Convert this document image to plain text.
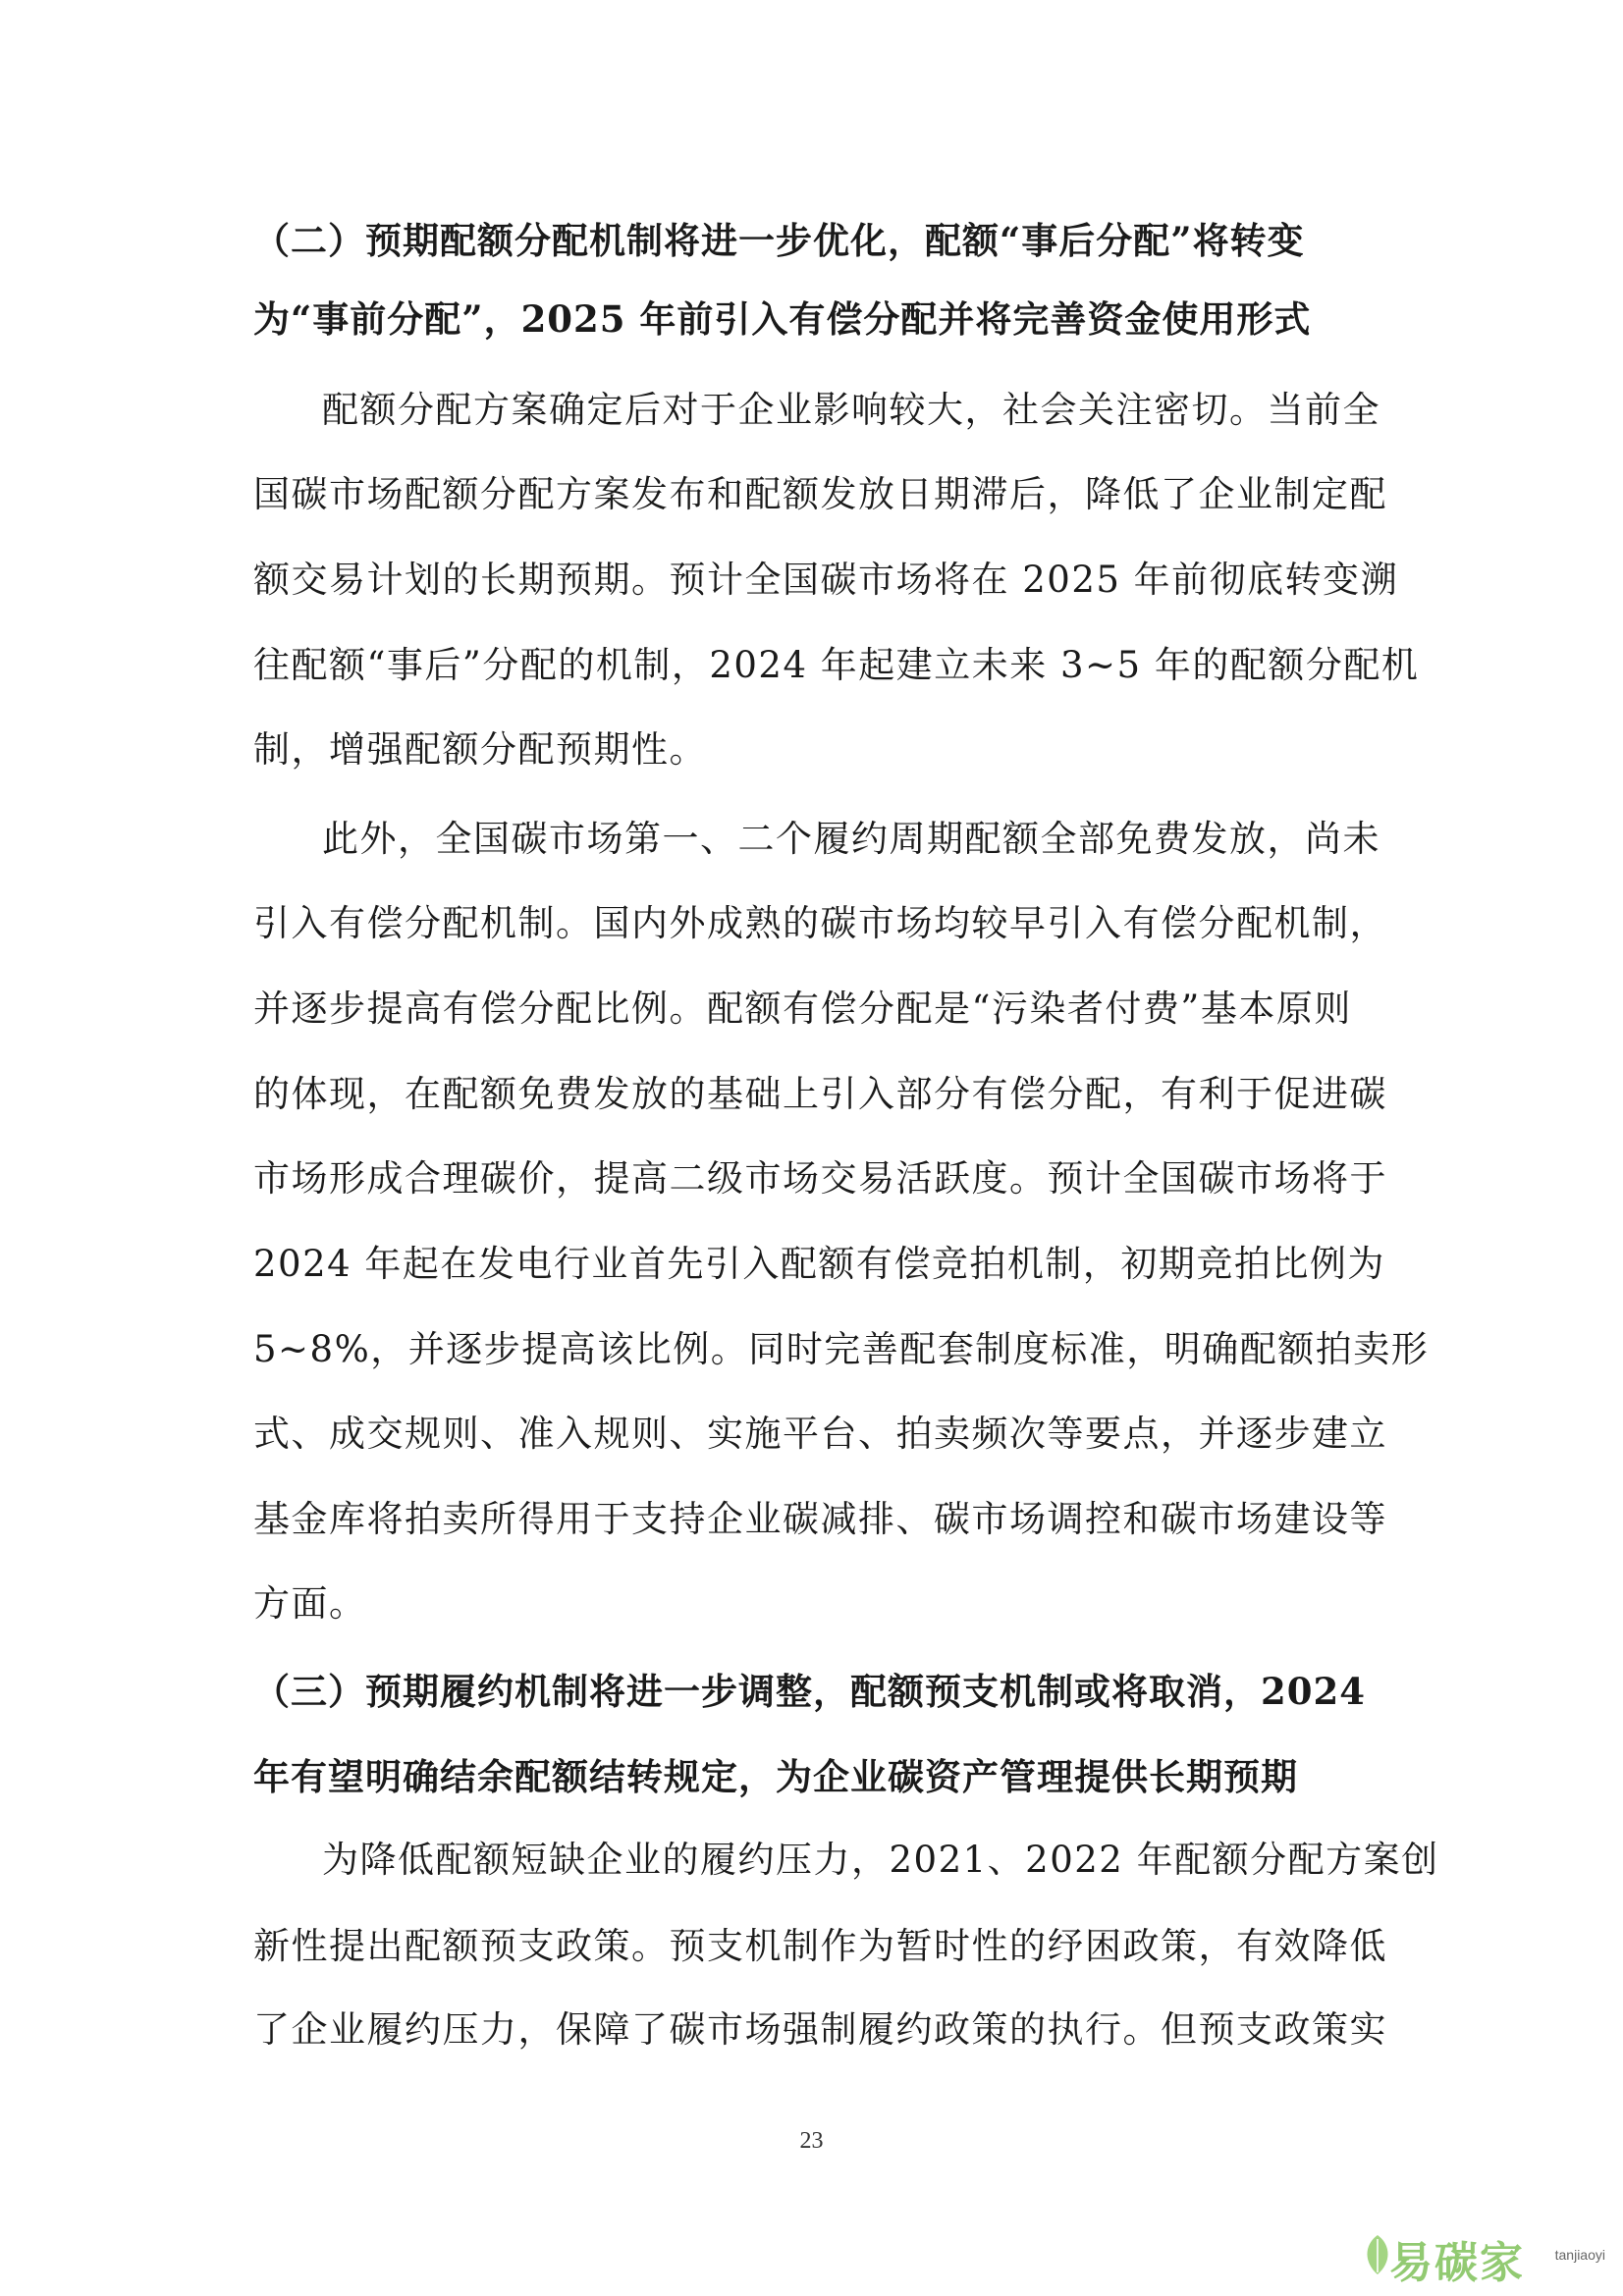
（二）预期配额分配机制将进一步优化，配额“事后分配”将转变
为“事前分配”，2025 年前引入有偿分配并将完善资金使用形式
配额分配方案确定后对于企业影响较大，社会关注密切。当前全
国碳市场配额分配方案发布和配额发放日期滞后，降低了企业制定配
额交易计划的长期预期。预计全国碳市场将在 2025 年前彻底转变溯
往配额“事后”分配的机制，2024 年起建立未来 3~5 年的配额分配机
制，增强配额分配预期性。
此外，全国碳市场第一、二个履约周期配额全部免费发放，尚未
引入有偿分配机制。国内外成熟的碳市场均较早引入有偿分配机制，
并逐步提高有偿分配比例。配额有偿分配是“污染者付费”基本原则
的体现，在配额免费发放的基础上引入部分有偿分配，有利于促进碳
市场形成合理碳价，提高二级市场交易活跃度。预计全国碳市场将于
2024 年起在发电行业首先引入配额有偿竞拍机制，初期竞拍比例为
5~8%，并逐步提高该比例。同时完善配套制度标准，明确配额拍卖形
式、成交规则、准入规则、实施平台、拍卖频次等要点，并逐步建立
基金库将拍卖所得用于支持企业碳减排、碳市场调控和碳市场建设等
方面。
（三）预期履约机制将进一步调整，配额预支机制或将取消，2024
年有望明确结余配额结转规定，为企业碳资产管理提供长期预期
为降低配额短缺企业的履约压力，2021、2022 年配额分配方案创
新性提出配额预支政策。预支机制作为暂时性的纾困政策，有效降低
了企业履约压力，保障了碳市场强制履约政策的执行。但预支政策实
23
易碳家 tanjiaoyi
